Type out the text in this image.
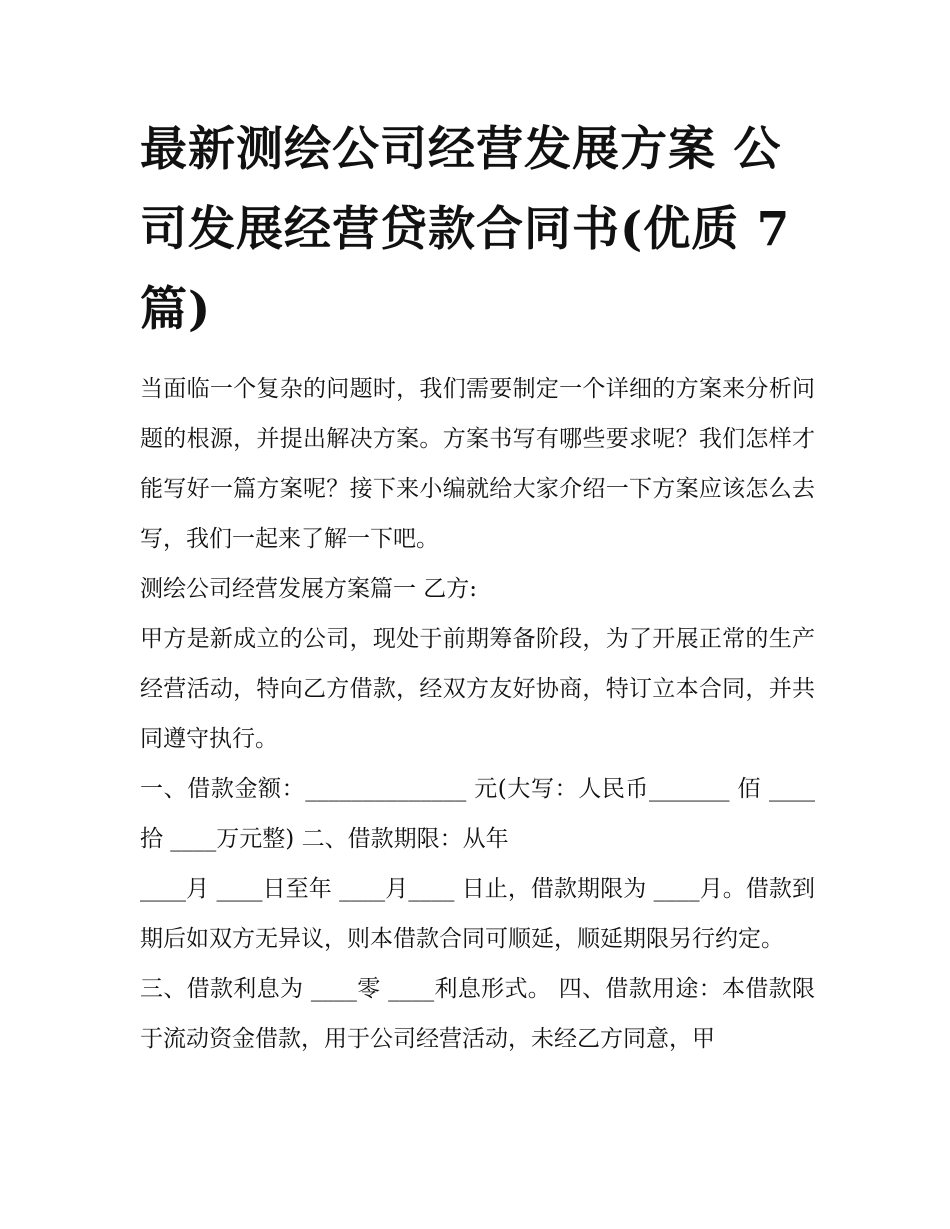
最新测绘公司经营发展方案 公司发展经营贷款合同书(优质 7 篇)

当面临一个复杂的问题时，我们需要制定一个详细的方案来分析问题的根源，并提出解决方案。方案书写有哪些要求呢？我们怎样才能写好一篇方案呢？接下来小编就给大家介绍一下方案应该怎么去写，我们一起来了解一下吧。

测绘公司经营发展方案篇一 乙方:

甲方是新成立的公司，现处于前期筹备阶段，为了开展正常的生产经营活动，特向乙方借款，经双方友好协商，特订立本合同，并共同遵守执行。

一、借款金额：______________ 元(大写：人民币_______ 佰 ____ 拾 ____万元整) 二、借款期限：从年

____月 ____日至年 ____月____ 日止，借款期限为 ____月。借款到期后如双方无异议，则本借款合同可顺延，顺延期限另行约定。

三、借款利息为 ____零 ____利息形式。 四、借款用途：本借款限于流动资金借款，用于公司经营活动，未经乙方同意，甲
